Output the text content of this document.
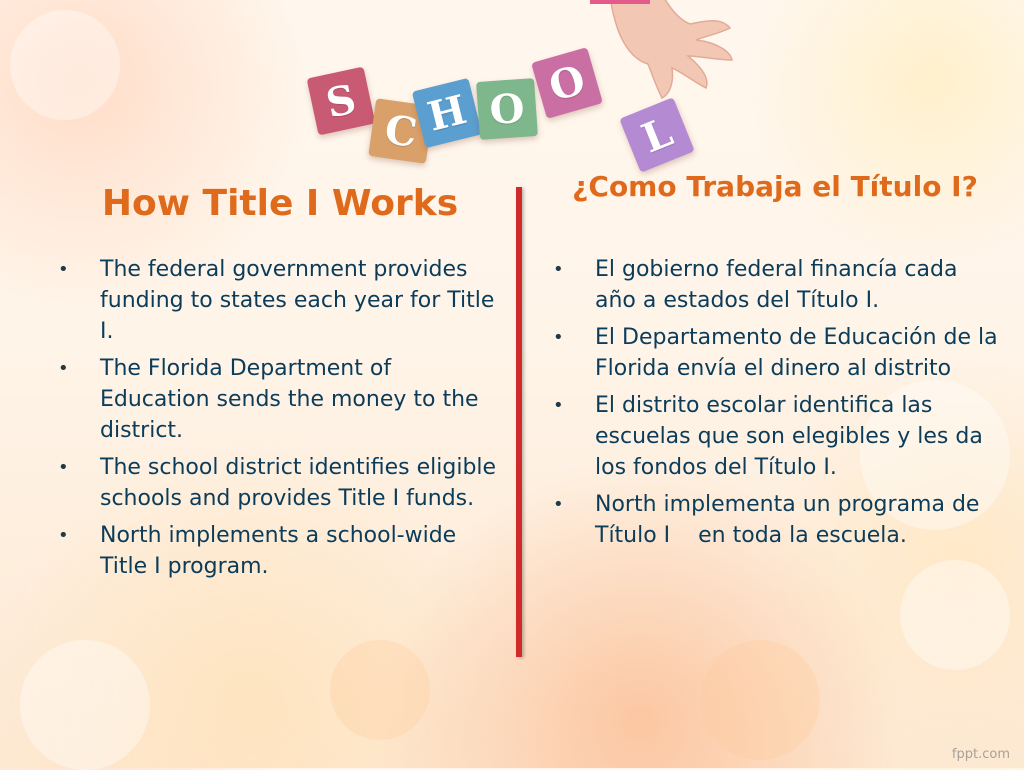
S
C H O O
L
How Title I Works	¿Como Trabaja el Título I?
• The federal government provides funding to states each year for Title I.
• The Florida Department of Education sends the money to the district.
• The school district identifies eligible schools and provides Title I funds.
• North implements a school-wide Title I program.
• El gobierno federal financía cada año a estados del Título I.
• El Departamento de Educación de la Florida envía el dinero al distrito
• El distrito escolar identifica las escuelas que son elegibles y les da los fondos del Título I.
• North implementa un programa de Título I    en toda la escuela.
fppt.com
